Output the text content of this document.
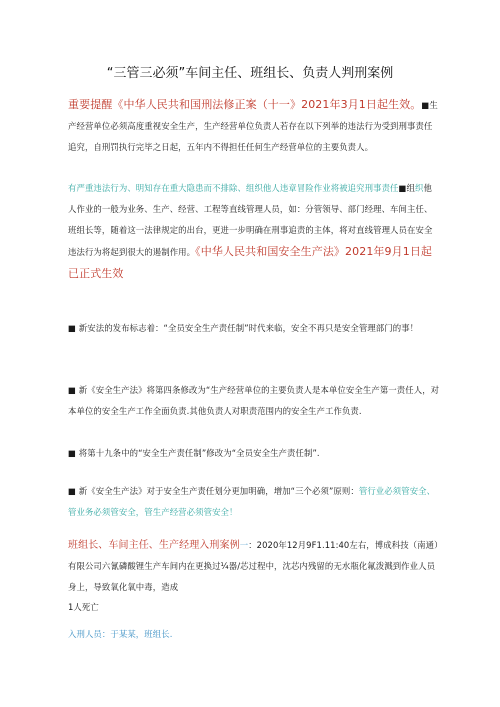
“三管三必须”车间主任、班组长、负责人判刑案例
重要提醒《中华人民共和国刑法修正案（十一》2021年3月1日起生效。■生产经营单位必须高度重视安全生产，生产经营单位负责人若存在以下列举的违法行为受到刑事责任追究，自刑罚执行完毕之日起，五年内不得担任任何生产经营单位的主要负责人。
有严重违法行为、明知存在重大隐患而不排除、组织他人违章冒险作业将被追究刑事责任■组织他人作业的一般为业务、生产、经营、工程等直线管理人员，如：分管领导、部门经理、车间主任、班组长等，随着这一法律规定的出台，更进一步明确在刑事追责的主体，将对直线管理人员在安全违法行为将起到很大的遏制作用。《中华人民共和国安全生产法》2021年9月1日起已正式生效
■ 新安法的发布标志着：“全员安全生产责任制”时代来临，安全不再只是安全管理部门的事！
■ 新《安全生产法》将第四条修改为“生产经营单位的主要负责人是本单位安全生产第一责任人，对本单位的安全生产工作全面负责.其他负责人对职责范围内的安全生产工作负责.
■ 将第十九条中的“安全生产责任制”修改为“全员安全生产责任制”.
■ 新《安全生产法》对于安全生产责任划分更加明确，增加“三个必须”原则：管行业必须管安全、管业务必须管安全，管生产经营必须管安全！
班组长、车间主任、生产经理入刑案例一：2020年12月9F1.11:40左右，博成科技（南通）有限公司六氰磷酸锂生产车间内在更换过¼器/芯过程中，沈芯内残留的无水瓶化氟泼溅到作业人员身上，导致氧化氧中毒，造成
1人死亡
入刑人员：于某某，班组长.
